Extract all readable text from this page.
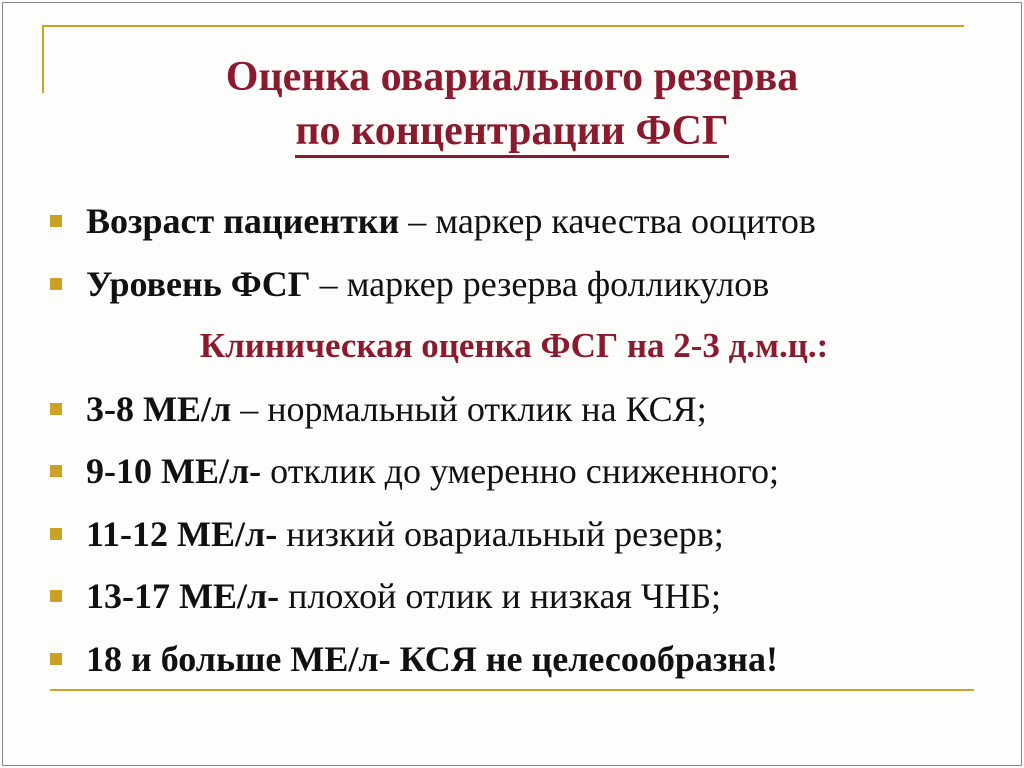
Оценка овариального резерва
по концентрации ФСГ
Возраст пациентки – маркер качества ооцитов
Уровень ФСГ – маркер резерва фолликулов
Клиническая оценка ФСГ на 2-3 д.м.ц.:
3-8 МЕ/л – нормальный отклик на КСЯ;
9-10 МЕ/л- отклик до умеренно сниженного;
11-12 МЕ/л- низкий овариальный резерв;
13-17 МЕ/л- плохой отлик и низкая ЧНБ;
18 и больше МЕ/л- КСЯ не целесообразна!
